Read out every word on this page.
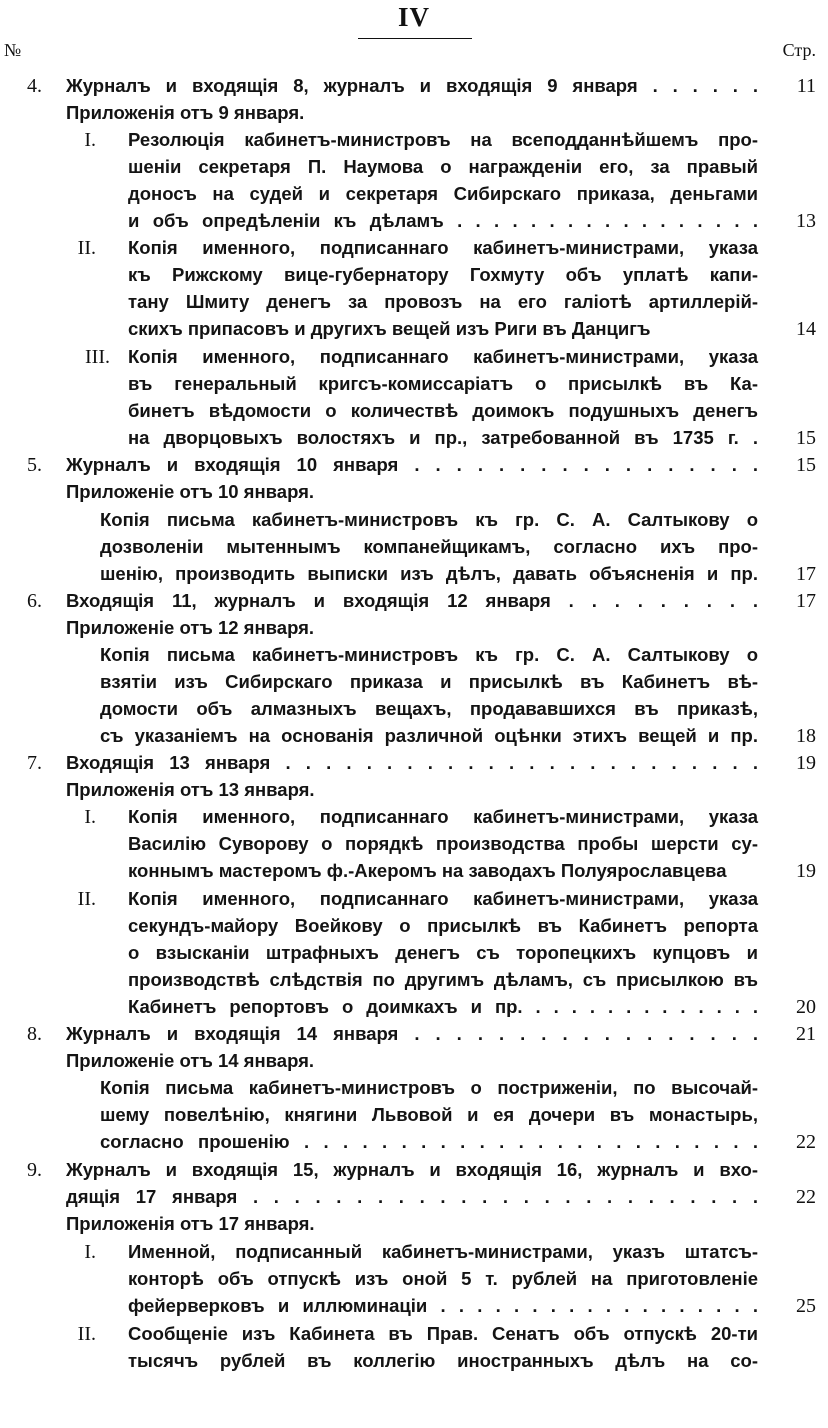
IV
№	Стр.
4. Журналъ и входящія 8, журналъ и входящія 9 января . . . . . .	11
Приложенія отъ 9 января.
I. Резолюція кабинетъ-министровъ на всеподданнѣйшемъ про-
шеніи секретаря П. Наумова о награжденіи его, за правый
доносъ на судей и секретаря Сибирскаго приказа, деньгами
и объ опредѣленіи къ дѣламъ . . . . . . . . . . . . . . . . .	13
II. Копія именного, подписаннаго кабинетъ-министрами, указа
къ Рижскому вице-губернатору Гохмуту объ уплатѣ капи-
тану Шмиту денегъ за провозъ на его галіотѣ артиллерій-
скихъ припасовъ и другихъ вещей изъ Риги въ Данцигъ	14
III. Копія именного, подписаннаго кабинетъ-министрами, указа
въ генеральный кригсъ-комиссаріатъ о присылкѣ въ Ка-
бинетъ вѣдомости о количествѣ доимокъ подушныхъ денегъ
на дворцовыхъ волостяхъ и пр., затребованной въ 1735 г. .	15
5. Журналъ и входящія 10 января . . . . . . . . . . . . . . . . .	15
Приложеніе отъ 10 января.
Копія письма кабинетъ-министровъ къ гр. С. А. Салтыкову о
дозволеніи мытеннымъ компанейщикамъ, согласно ихъ про-
шенію, производить выписки изъ дѣлъ, давать объясненія и пр.	17
6. Входящія 11, журналъ и входящія 12 января . . . . . . . . .	17
Приложеніе отъ 12 января.
Копія письма кабинетъ-министровъ къ гр. С. А. Салтыкову о
взятіи изъ Сибирскаго приказа и присылкѣ въ Кабинетъ вѣ-
домости объ алмазныхъ вещахъ, продававшихся въ приказѣ,
съ указаніемъ на основанія различной оцѣнки этихъ вещей и пр.	18
7. Входящія 13 января . . . . . . . . . . . . . . . . . . . . . . . .	19
Приложенія отъ 13 января.
I. Копія именного, подписаннаго кабинетъ-министрами, указа
Василію Суворову о порядкѣ производства пробы шерсти су-
коннымъ мастеромъ ф.-Акеромъ на заводахъ Полуярославцева	19
II. Копія именного, подписаннаго кабинетъ-министрами, указа
секундъ-майору Воейкову о присылкѣ въ Кабинетъ репорта
о взысканіи штрафныхъ денегъ съ торопецкихъ купцовъ и
производствѣ слѣдствія по другимъ дѣламъ, съ присылкою въ
Кабинетъ репортовъ о доимкахъ и пр. . . . . . . . . . . . . .	20
8. Журналъ и входящія 14 января . . . . . . . . . . . . . . . . .	21
Приложеніе отъ 14 января.
Копія письма кабинетъ-министровъ о постриженіи, по высочай-
шему повелѣнію, княгини Львовой и ея дочери въ монастырь,
согласно прошенію . . . . . . . . . . . . . . . . . . . . . . . .	22
9. Журналъ и входящія 15, журналъ и входящія 16, журналъ и вхо-
дящія 17 января . . . . . . . . . . . . . . . . . . . . . . . . .	22
Приложенія отъ 17 января.
I. Именной, подписанный кабинетъ-министрами, указъ штатсъ-
конторѣ объ отпускѣ изъ оной 5 т. рублей на приготовленіе
фейерверковъ и иллюминаціи . . . . . . . . . . . . . . . . . .	25
II. Сообщеніе изъ Кабинета въ Прав. Сенатъ объ отпускѣ 20-ти
тысячъ рублей въ коллегію иностранныхъ дѣлъ на со-
